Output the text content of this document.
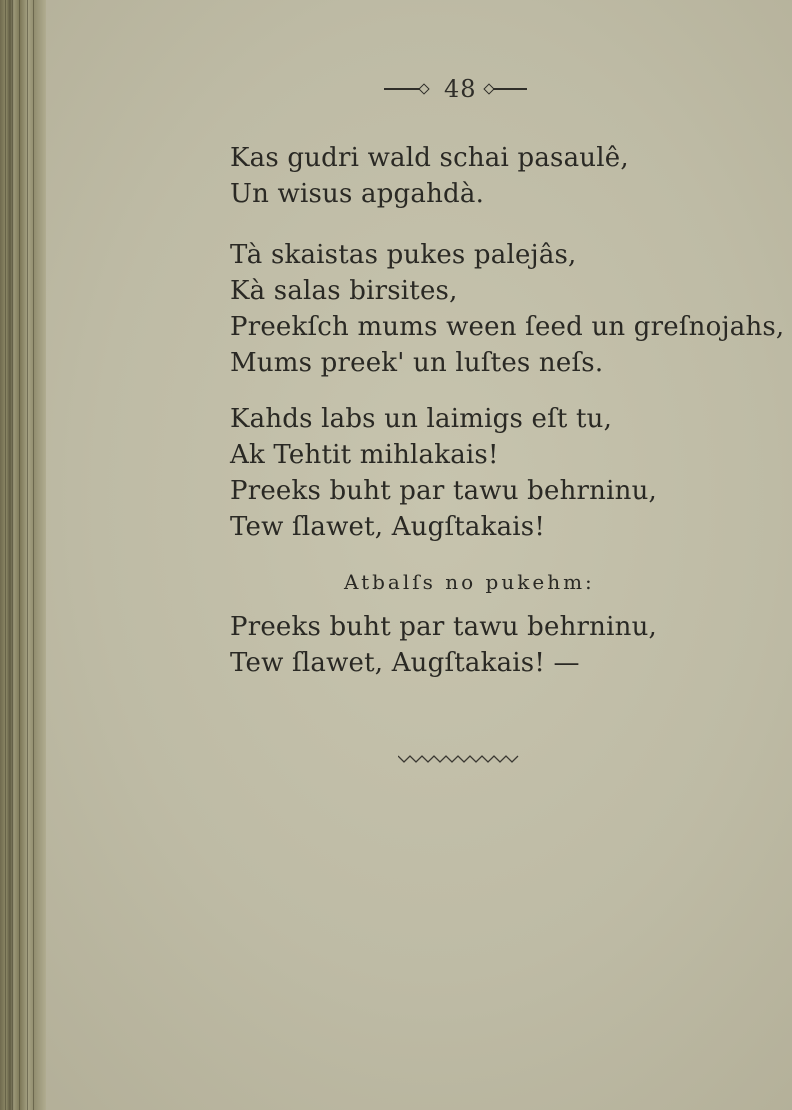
48
Kas gudri wald schai pasaulê,
Un wisus apgahdà.
Tà skaistas pukes palejâs,
Kà salas birsites,
Preekſch mums ween ſeed un greſnojahs,
Mums preek' un luſtes neſs.
Kahds labs un laimigs eſt tu,
Ak Tehtit mihlakais!
Preeks buht par tawu behrninu,
Tew ſlawet, Augſtakais!
Atbalſs no pukehm:
Preeks buht par tawu behrninu,
Tew ſlawet, Augſtakais! —
